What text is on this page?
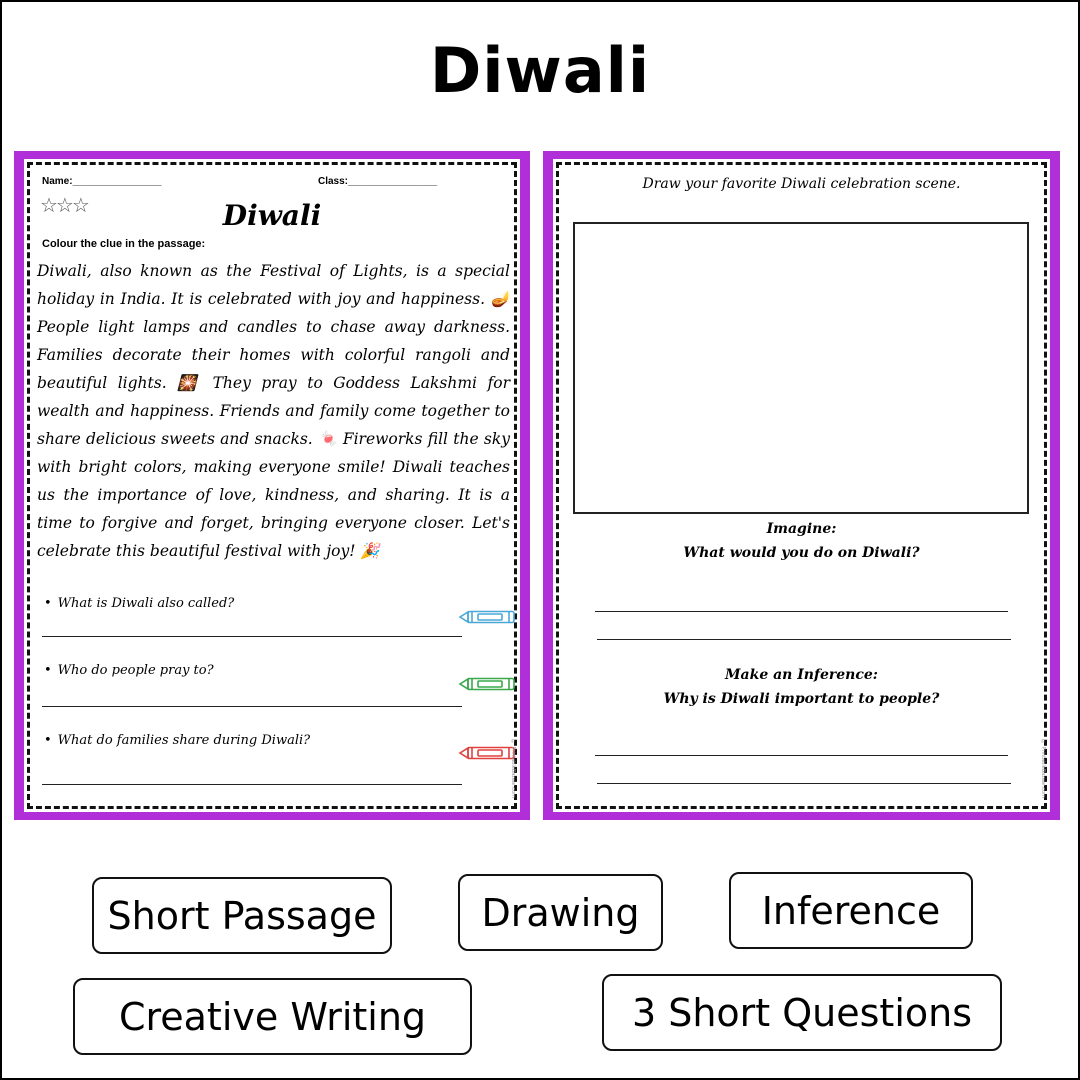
Diwali
Name:________________	Class:________________
☆☆☆	Diwali
Colour the clue in the passage:
Diwali, also known as the Festival of Lights, is a special holiday in India. It is celebrated with joy and happiness. 🪔 People light lamps and candles to chase away darkness. Families decorate their homes with colorful rangoli and beautiful lights. 🎇 They pray to Goddess Lakshmi for wealth and happiness. Friends and family come together to share delicious sweets and snacks. 🍬 Fireworks fill the sky with bright colors, making everyone smile! Diwali teaches us the importance of love, kindness, and sharing. It is a time to forgive and forget, bringing everyone closer. Let's celebrate this beautiful festival with joy! 🎉
• What is Diwali also called?
• Who do people pray to?
• What do families share during Diwali?	© PrintableBazaar.com
Draw your favorite Diwali celebration scene.
Imagine:
What would you do on Diwali?
Make an Inference:
Why is Diwali important to people?
© PrintableBazaar.com
Short Passage	Drawing	Inference
Creative Writing	3 Short Questions
